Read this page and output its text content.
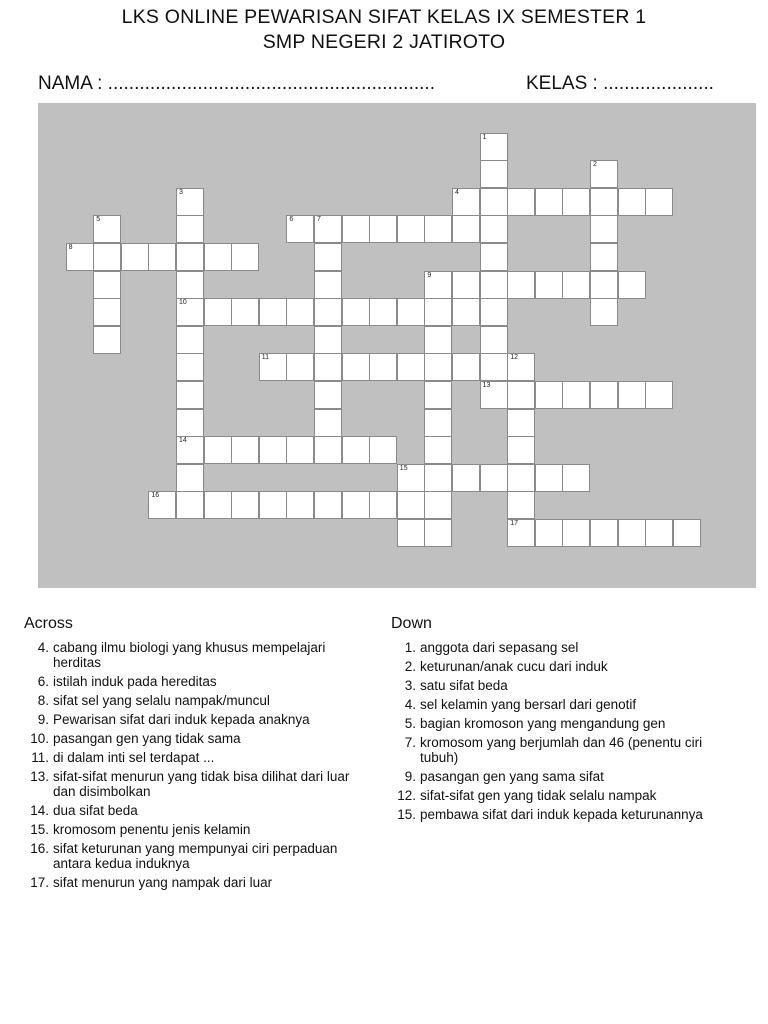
LKS ONLINE PEWARISAN SIFAT KELAS IX SEMESTER 1
SMP NEGERI 2 JATIROTO
NAMA : ..............................................................	KELAS : .....................
1
2
3
10
14
4
5	6	7
8
9
11	12
13
15
16
17
Across	Down
4. cabang ilmu biologi yang khusus mempelajari herditas
6. istilah induk pada hereditas
8. sifat sel yang selalu nampak/muncul
9. Pewarisan sifat dari induk kepada anaknya
10. pasangan gen yang tidak sama
11. di dalam inti sel terdapat ...
13. sifat-sifat menurun yang tidak bisa dilihat dari luar dan disimbolkan
14. dua sifat beda
15. kromosom penentu jenis kelamin
16. sifat keturunan yang mempunyai ciri perpaduan antara kedua induknya
17. sifat menurun yang nampak dari luar
1. anggota dari sepasang sel
2. keturunan/anak cucu dari induk
3. satu sifat beda
4. sel kelamin yang bersarl dari genotif
5. bagian kromoson yang mengandung gen
7. kromosom yang berjumlah dan 46 (penentu ciri tubuh)
9. pasangan gen yang sama sifat
12. sifat-sifat gen yang tidak selalu nampak
15. pembawa sifat dari induk kepada keturunannya
